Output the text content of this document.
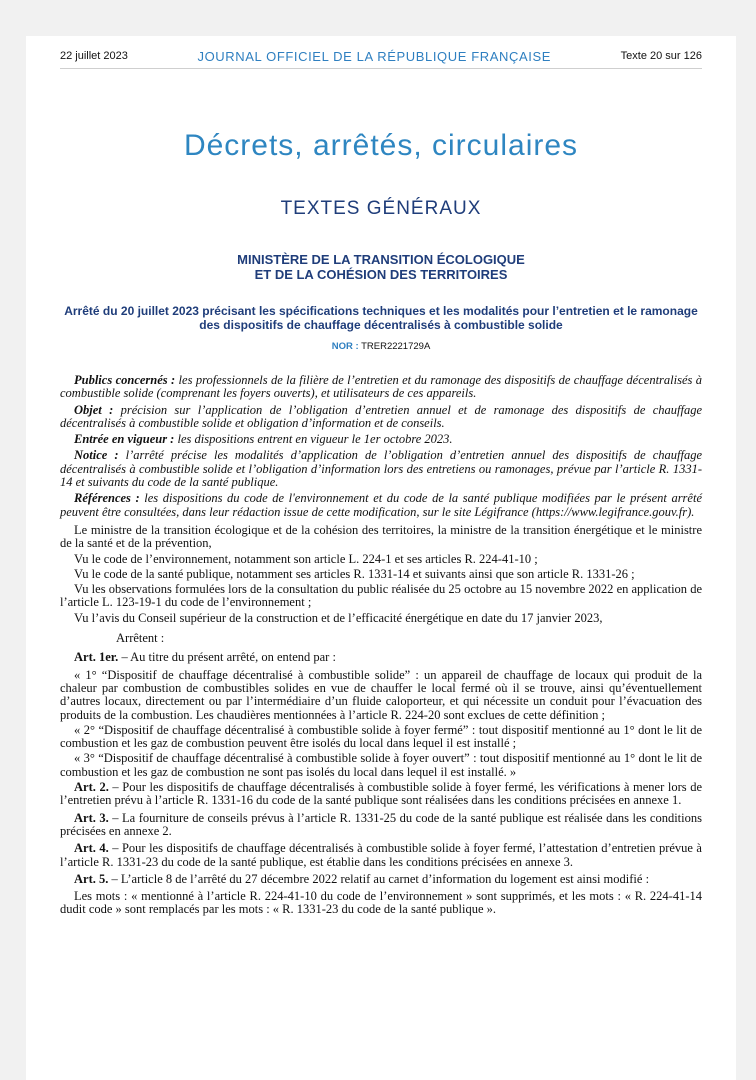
22 juillet 2023	JOURNAL OFFICIEL DE LA RÉPUBLIQUE FRANÇAISE	Texte 20 sur 126
Décrets, arrêtés, circulaires
TEXTES GÉNÉRAUX
MINISTÈRE DE LA TRANSITION ÉCOLOGIQUE
ET DE LA COHÉSION DES TERRITOIRES
Arrêté du 20 juillet 2023 précisant les spécifications techniques et les modalités pour l’entretien et le ramonage des dispositifs de chauffage décentralisés à combustible solide
NOR : TRER2221729A

Publics concernés : les professionnels de la filière de l’entretien et du ramonage des dispositifs de chauffage décentralisés à combustible solide (comprenant les foyers ouverts), et utilisateurs de ces appareils.

Objet : précision sur l’application de l’obligation d’entretien annuel et de ramonage des dispositifs de chauffage décentralisés à combustible solide et obligation d’information et de conseils.

Entrée en vigueur : les dispositions entrent en vigueur le 1er octobre 2023.

Notice : l’arrêté précise les modalités d’application de l’obligation d’entretien annuel des dispositifs de chauffage décentralisés à combustible solide et l’obligation d’information lors des entretiens ou ramonages, prévue par l’article R. 1331-14 et suivants du code de la santé publique.

Références : les dispositions du code de l'environnement et du code de la santé publique modifiées par le présent arrêté peuvent être consultées, dans leur rédaction issue de cette modification, sur le site Légifrance (https://www.legifrance.gouv.fr).

Le ministre de la transition écologique et de la cohésion des territoires, la ministre de la transition énergétique et le ministre de la santé et de la prévention,

Vu le code de l’environnement, notamment son article L. 224-1 et ses articles R. 224-41-10 ;

Vu le code de la santé publique, notamment ses articles R. 1331-14 et suivants ainsi que son article R. 1331-26 ;

Vu les observations formulées lors de la consultation du public réalisée du 25 octobre au 15 novembre 2022 en application de l’article L. 123-19-1 du code de l’environnement ;

Vu l’avis du Conseil supérieur de la construction et de l’efficacité énergétique en date du 17 janvier 2023,

Arrêtent :

Art. 1er. – Au titre du présent arrêté, on entend par :

« 1° “Dispositif de chauffage décentralisé à combustible solide” : un appareil de chauffage de locaux qui produit de la chaleur par combustion de combustibles solides en vue de chauffer le local fermé où il se trouve, ainsi qu’éventuellement d’autres locaux, directement ou par l’intermédiaire d’un fluide caloporteur, et qui nécessite un conduit pour l’évacuation des produits de la combustion. Les chaudières mentionnées à l’article R. 224-20 sont exclues de cette définition ;

« 2° “Dispositif de chauffage décentralisé à combustible solide à foyer fermé” : tout dispositif mentionné au 1° dont le lit de combustion et les gaz de combustion peuvent être isolés du local dans lequel il est installé ;

« 3° “Dispositif de chauffage décentralisé à combustible solide à foyer ouvert” : tout dispositif mentionné au 1° dont le lit de combustion et les gaz de combustion ne sont pas isolés du local dans lequel il est installé. »

Art. 2. – Pour les dispositifs de chauffage décentralisés à combustible solide à foyer fermé, les vérifications à mener lors de l’entretien prévu à l’article R. 1331-16 du code de la santé publique sont réalisées dans les conditions précisées en annexe 1.

Art. 3. – La fourniture de conseils prévus à l’article R. 1331-25 du code de la santé publique est réalisée dans les conditions précisées en annexe 2.

Art. 4. – Pour les dispositifs de chauffage décentralisés à combustible solide à foyer fermé, l’attestation d’entretien prévue à l’article R. 1331-23 du code de la santé publique, est établie dans les conditions précisées en annexe 3.

Art. 5. – L’article 8 de l’arrêté du 27 décembre 2022 relatif au carnet d’information du logement est ainsi modifié :

Les mots : « mentionné à l’article R. 224-41-10 du code de l’environnement » sont supprimés, et les mots : « R. 224-41-14 dudit code » sont remplacés par les mots : « R. 1331-23 du code de la santé publique ».
